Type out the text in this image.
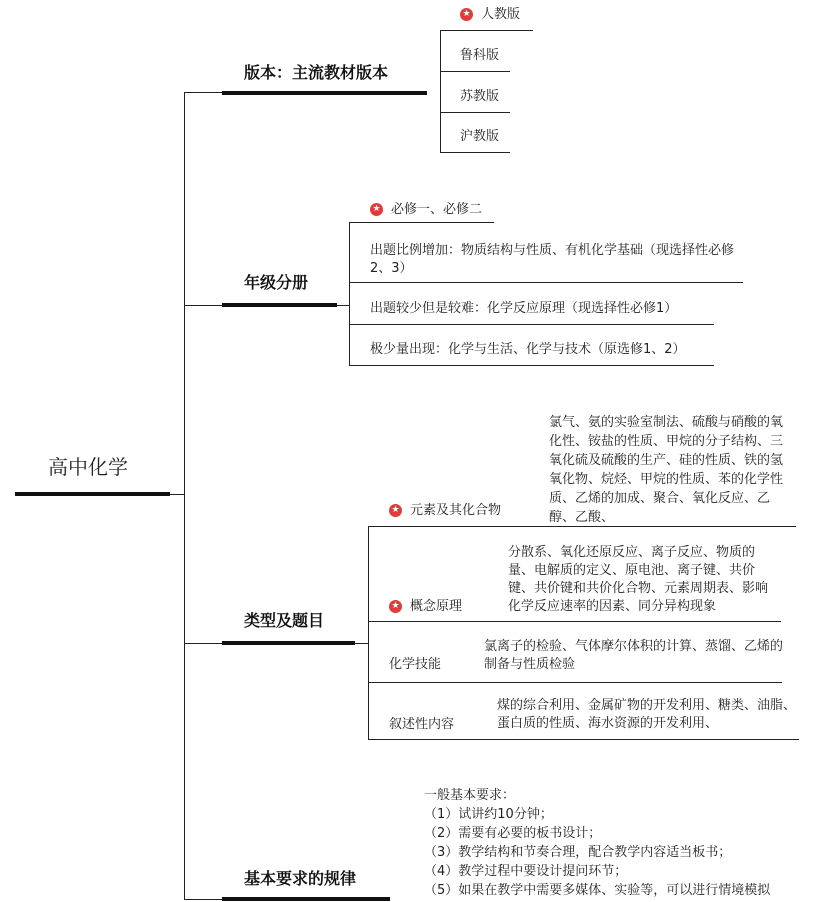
高中化学
版本：主流教材版本
★ 人教版
鲁科版
苏教版
沪教版
年级分册
★ 必修一、必修二
出题比例增加：物质结构与性质、有机化学基础（现选择性必修2、3）
出题较少但是较难：化学反应原理（现选择性必修1）
极少量出现：化学与生活、化学与技术（原选修1、2）
类型及题目
★ 元素及其化合物
氯气、氨的实验室制法、硫酸与硝酸的氧化性、铵盐的性质、甲烷的分子结构、三氧化硫及硫酸的生产、硅的性质、铁的氢氧化物、烷烃、甲烷的性质、苯的化学性质、乙烯的加成、聚合、氧化反应、乙醇、乙酸、
★ 概念原理
分散系、氧化还原反应、离子反应、物质的量、电解质的定义、原电池、离子键、共价键、共价键和共价化合物、元素周期表、影响化学反应速率的因素、同分异构现象
化学技能
氯离子的检验、气体摩尔体积的计算、蒸馏、乙烯的制备与性质检验
叙述性内容
煤的综合利用、金属矿物的开发利用、糖类、油脂、蛋白质的性质、海水资源的开发利用、
基本要求的规律
一般基本要求：
（1）试讲约10分钟；
（2）需要有必要的板书设计；
（3）教学结构和节奏合理，配合教学内容适当板书；
（4）教学过程中要设计提问环节；
（5）如果在教学中需要多媒体、实验等，可以进行情境模拟
